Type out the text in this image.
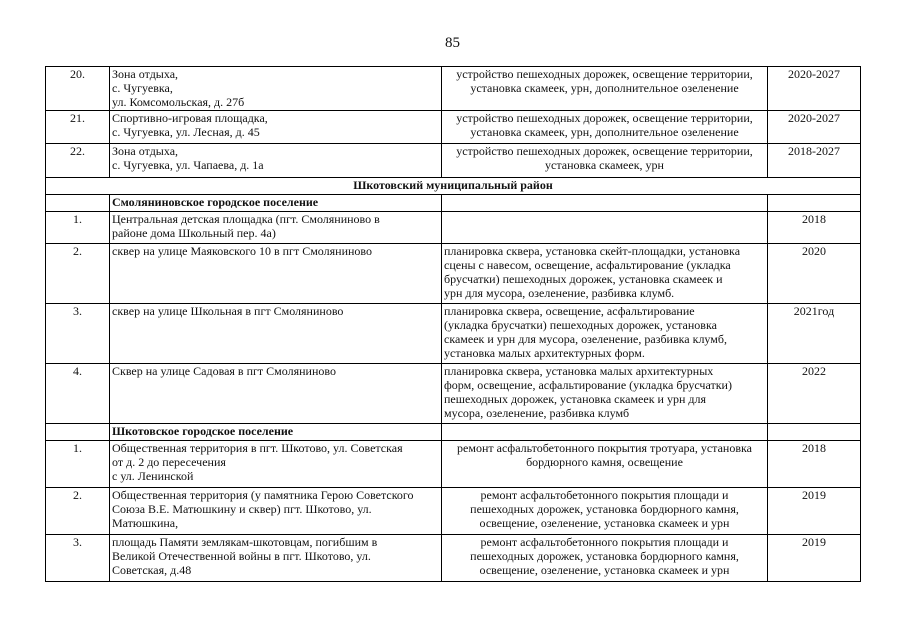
85
20.	Зона отдыха,
с. Чугуевка,
ул. Комсомольская, д. 27б	устройство пешеходных дорожек, освещение территории,
установка скамеек, урн, дополнительное озеленение	2020-2027
21.	Спортивно-игровая площадка,
с. Чугуевка, ул. Лесная, д. 45	устройство пешеходных дорожек, освещение территории,
установка скамеек, урн, дополнительное озеленение	2020-2027
22.	Зона отдыха,
с. Чугуевка, ул. Чапаева, д. 1а	устройство пешеходных дорожек, освещение территории,
установка скамеек, урн	2018-2027
Шкотовский муниципальный район			
	Смоляниновское городское поселение		
1.	Центральная детская площадка (пгт. Смоляниново в
районе дома Школьный пер. 4а)		2018
2.	сквер на улице Маяковского 10 в пгт Смоляниново	планировка сквера, установка скейт-площадки, установка
сцены с навесом, освещение, асфальтирование (укладка
брусчатки) пешеходных дорожек, установка скамеек и
урн для мусора, озеленение, разбивка клумб.	2020
3.	сквер на улице Школьная в пгт Смоляниново	планировка сквера, освещение, асфальтирование
(укладка брусчатки) пешеходных дорожек, установка
скамеек и урн для мусора, озеленение, разбивка клумб,
установка малых архитектурных форм.	2021год
4.	Сквер на улице Садовая в пгт Смоляниново	планировка сквера, установка малых архитектурных
форм, освещение, асфальтирование (укладка брусчатки)
пешеходных дорожек, установка скамеек и урн для
мусора, озеленение, разбивка клумб	2022
	Шкотовское городское поселение		
1.	Общественная территория в пгт. Шкотово, ул. Советская
от д. 2 до пересечения
с ул. Ленинской	ремонт асфальтобетонного покрытия тротуара, установка
бордюрного камня, освещение	2018
2.	Общественная территория (у памятника Герою Советского
Союза В.Е. Матюшкину и сквер) пгт. Шкотово, ул.
Матюшкина,	ремонт асфальтобетонного покрытия площади и
пешеходных дорожек, установка бордюрного камня,
освещение, озеленение, установка скамеек и урн	2019
3.	площадь Памяти землякам-шкотовцам, погибшим в
Великой Отечественной войны в пгт. Шкотово, ул.
Советская, д.48	ремонт асфальтобетонного покрытия площади и
пешеходных дорожек, установка бордюрного камня,
освещение, озеленение, установка скамеек и урн	2019
